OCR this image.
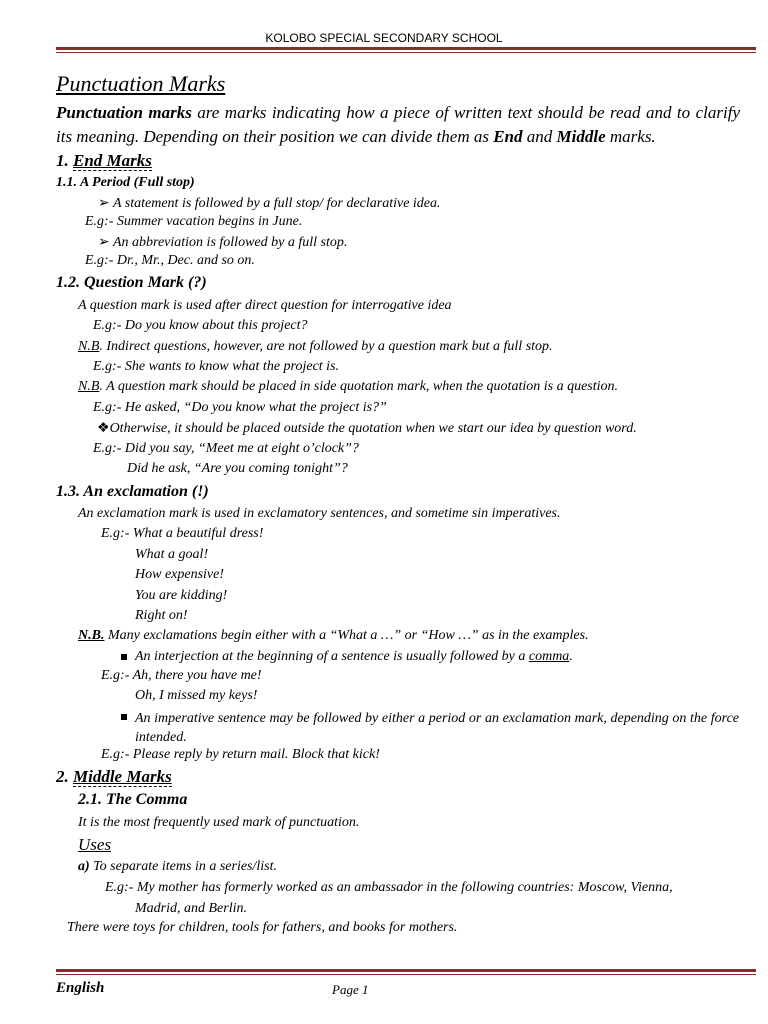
KOLOBO SPECIAL SECONDARY SCHOOL
Punctuation Marks
Punctuation marks are marks indicating how a piece of written text should be read and to clarify its meaning. Depending on their position we can divide them as End and Middle marks.
1. End Marks
1.1. A Period (Full stop)
➢ A statement is followed by a full stop/ for declarative idea.
E.g:- Summer vacation begins in June.
➢ An abbreviation is followed by a full stop.
E.g:- Dr., Mr., Dec. and so on.
1.2. Question Mark (?)
A question mark is used after direct question for interrogative idea
E.g:- Do you know about this project?
N.B. Indirect questions, however, are not followed by a question mark but a full stop.
E.g:- She wants to know what the project is.
N.B. A question mark should be placed in side quotation mark, when the quotation is a question.
E.g:- He asked, “Do you know what the project is?”
❖Otherwise, it should be placed outside the quotation when we start our idea by question word.
E.g:- Did you say, “Meet me at eight o’clock”?
Did he ask, “Are you coming tonight”?
1.3. An exclamation (!)
An exclamation mark is used in exclamatory sentences, and sometime sin imperatives.
E.g:- What a beautiful dress!
What a goal!
How expensive!
You are kidding!
Right on!
N.B. Many exclamations begin either with a “What a …” or “How …” as in the examples.
An interjection at the beginning of a sentence is usually followed by a comma.
E.g:- Ah, there you have me!
Oh, I missed my keys!
An imperative sentence may be followed by either a period or an exclamation mark, depending on the force intended.
E.g:- Please reply by return mail. Block that kick!
2. Middle Marks
2.1. The Comma
It is the most frequently used mark of punctuation.
Uses
a) To separate items in a series/list.
E.g:- My mother has formerly worked as an ambassador in the following countries: Moscow, Vienna,
Madrid, and Berlin.
There were toys for children, tools for fathers, and books for mothers.
English	Page 1
